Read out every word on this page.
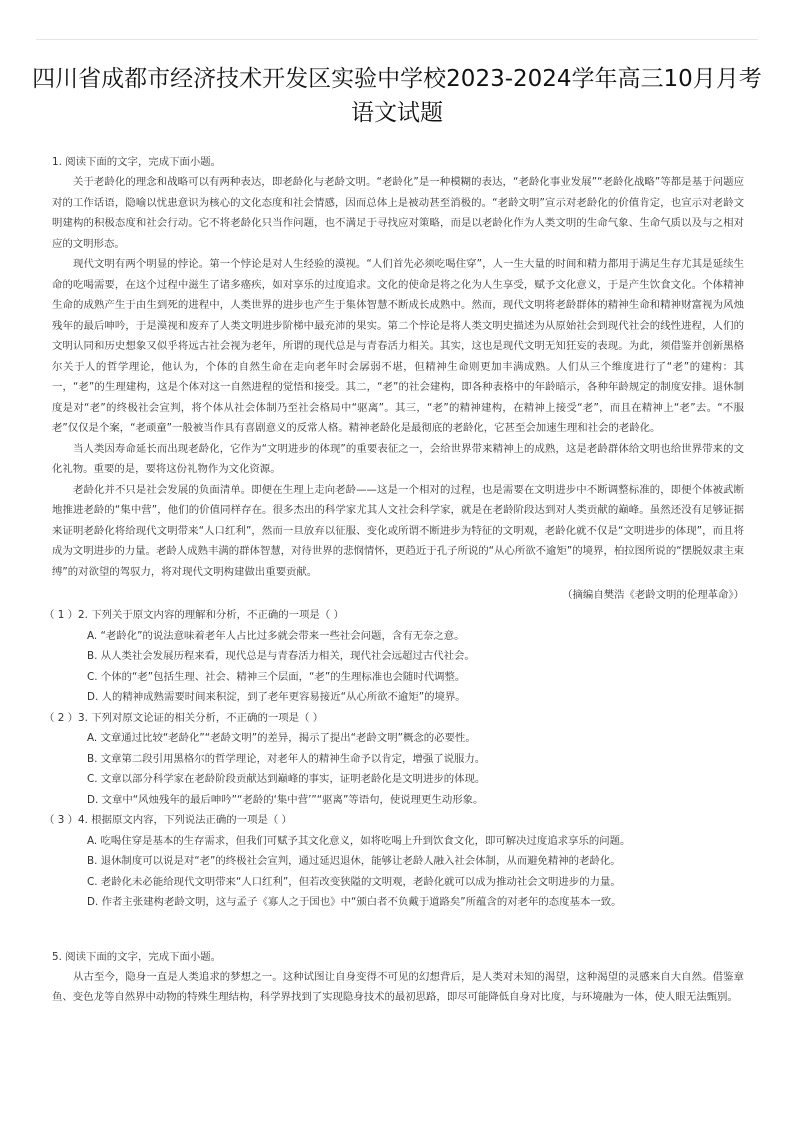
四川省成都市经济技术开发区实验中学校2023-2024学年高三10月月考语文试题

1. 阅读下面的文字，完成下面小题。

关于老龄化的理念和战略可以有两种表达，即老龄化与老龄文明。“老龄化”是一种模糊的表达，“老龄化事业发展”“老龄化战略”等都是基于问题应对的工作话语，隐喻以忧患意识为核心的文化态度和社会情感，因而总体上是被动甚至消极的。“老龄文明”宣示对老龄化的价值肯定，也宣示对老龄文明建构的积极态度和社会行动。它不将老龄化只当作问题，也不满足于寻找应对策略，而是以老龄化作为人类文明的生命气象、生命气质以及与之相对应的文明形态。

现代文明有两个明显的悖论。第一个悖论是对人生经验的漠视。“人们首先必须吃喝住穿”，人一生大量的时间和精力都用于满足生存尤其是延续生命的吃喝需要，在这个过程中滋生了诸多癌疾，如对享乐的过度追求。文化的使命是将之化为人生享受，赋予文化意义，于是产生饮食文化。个体精神生命的成熟产生于由生到死的进程中，人类世界的进步也产生于集体智慧不断成长成熟中。然而，现代文明将老龄群体的精神生命和精神财富视为风烛残年的最后呻吟，于是漠视和废弃了人类文明进步阶梯中最充沛的果实。第二个悖论是将人类文明史描述为从原始社会到现代社会的线性进程，人们的文明认同和历史想象又似乎将远古社会视为老年，所谓的现代总是与青春活力相关。其实，这也是现代文明无知狂妄的表现。为此，须借鉴并创新黑格尔关于人的哲学理论，他认为，个体的自然生命在走向老年时会孱弱不堪，但精神生命则更加丰满成熟。人们从三个维度进行了“老”的建构：其一，“老”的生理建构，这是个体对这一自然进程的觉悟和接受。其二，“老”的社会建构，即各种表格中的年龄暗示，各种年龄规定的制度安排。退休制度是对“老”的终极社会宣判，将个体从社会体制乃至社会格局中“驱离”。其三，“老”的精神建构，在精神上接受“老”，而且在精神上“老”去。“不服老”仅仅是个案，“老顽童”一般被当作具有喜剧意义的反常人格。精神老龄化是最彻底的老龄化，它甚至会加速生理和社会的老龄化。

当人类因寿命延长而出现老龄化，它作为“文明进步的体现”的重要表征之一，会给世界带来精神上的成熟，这是老龄群体给文明也给世界带来的文化礼物。重要的是，要将这份礼物作为文化资源。

老龄化并不只是社会发展的负面清单。即便在生理上走向老龄——这是一个相对的过程，也是需要在文明进步中不断调整标准的，即便个体被武断地推进老龄的“集中营”，他们的价值同样存在。很多杰出的科学家尤其人文社会科学家，就是在老龄阶段达到对人类贡献的巅峰。虽然还没有足够证据来证明老龄化将给现代文明带来“人口红利”，然而一旦放弃以征服、变化或所谓不断进步为特征的文明观，老龄化就不仅是“文明进步的体现”，而且将成为文明进步的力量。老龄人成熟丰满的群体智慧，对待世界的悲悯情怀，更趋近于孔子所说的“从心所欲不逾矩”的境界，柏拉图所说的“摆脱奴隶主束缚”的对欲望的驾驭力，将对现代文明构建做出重要贡献。

（摘编自樊浩《老龄文明的伦理革命》）

（ 1 ）2. 下列关于原文内容的理解和分析，不正确的一项是（ ）

A. “老龄化”的说法意味着老年人占比过多就会带来一些社会问题，含有无奈之意。

B. 从人类社会发展历程来看，现代总是与青春活力相关，现代社会远超过古代社会。

C. 个体的“老”包括生理、社会、精神三个层面，“老”的生理标准也会随时代调整。

D. 人的精神成熟需要时间来积淀，到了老年更容易接近“从心所欲不逾矩”的境界。

（ 2 ）3. 下列对原文论证的相关分析，不正确的一项是（ ）

A. 文章通过比较“老龄化”“老龄文明”的差异，揭示了提出“老龄文明”概念的必要性。

B. 文章第二段引用黑格尔的哲学理论，对老年人的精神生命予以肯定，增强了说服力。

C. 文章以部分科学家在老龄阶段贡献达到巅峰的事实，证明老龄化是文明进步的体现。

D. 文章中“风烛残年的最后呻吟”“老龄的‘集中营’”“驱离”等语句，使说理更生动形象。

（ 3 ）4. 根据原文内容，下列说法正确的一项是（ ）

A. 吃喝住穿是基本的生存需求，但我们可赋予其文化意义，如将吃喝上升到饮食文化，即可解决过度追求享乐的问题。

B. 退休制度可以说是对“老”的终极社会宣判，通过延迟退休，能够让老龄人融入社会体制，从而避免精神的老龄化。

C. 老龄化未必能给现代文明带来“人口红利”，但若改变狭隘的文明观，老龄化就可以成为推动社会文明进步的力量。

D. 作者主张建构老龄文明，这与孟子《寡人之于国也》中“颁白者不负戴于道路矣”所蕴含的对老年的态度基本一致。

5. 阅读下面的文字，完成下面小题。

从古至今，隐身一直是人类追求的梦想之一。这种试图让自身变得不可见的幻想背后，是人类对未知的渴望，这种渴望的灵感来自大自然。借鉴章鱼、变色龙等自然界中动物的特殊生理结构，科学界找到了实现隐身技术的最初思路，即尽可能降低自身对比度，与环境融为一体，使人眼无法甄别。
